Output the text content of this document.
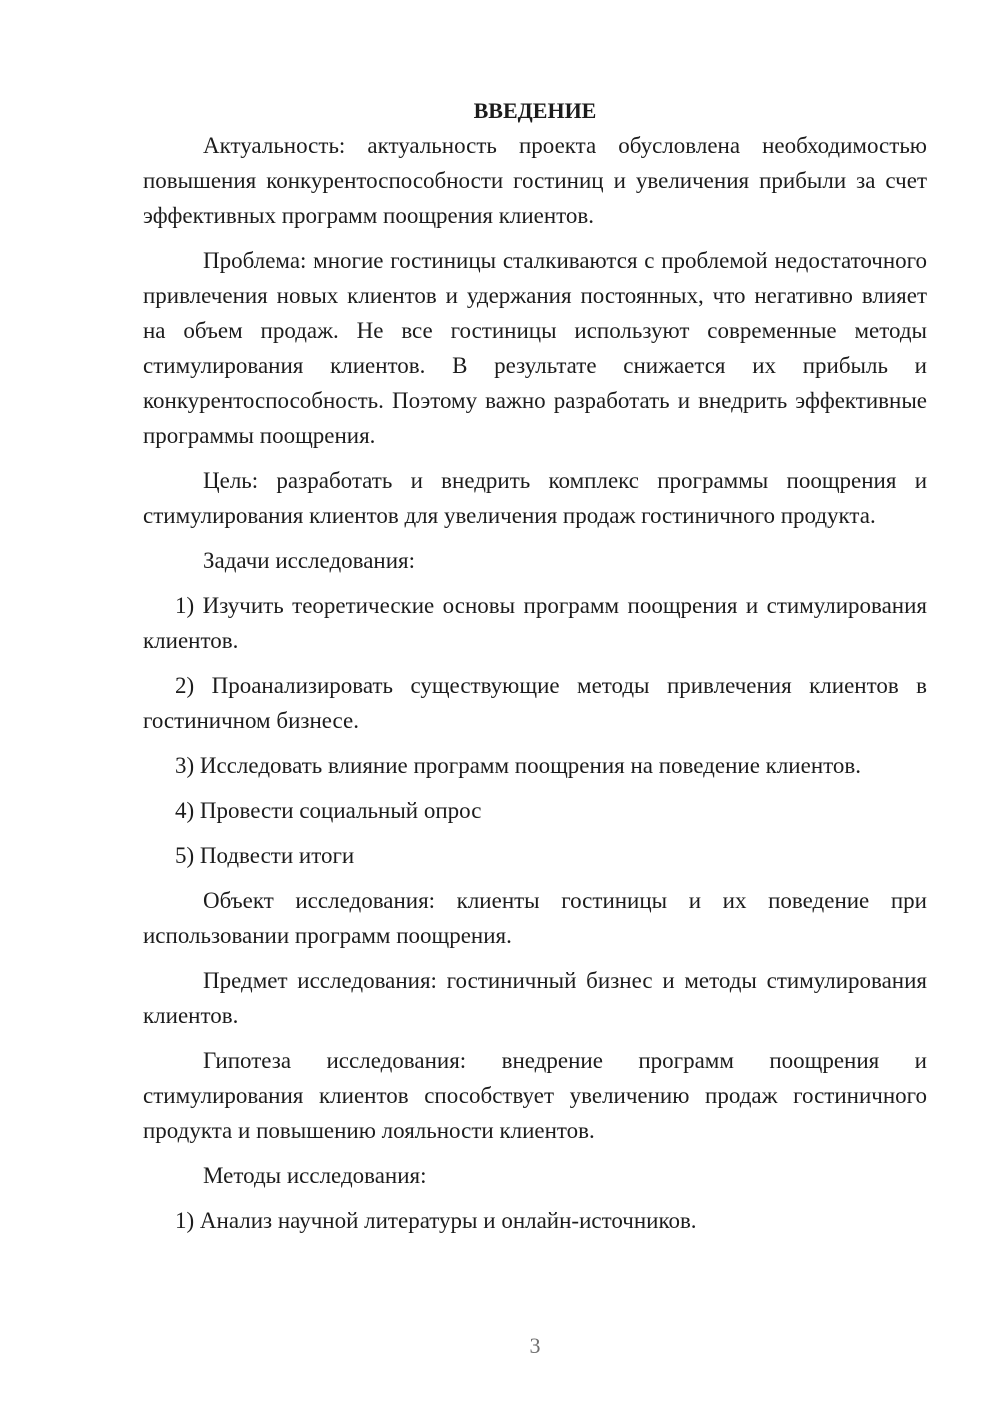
ВВЕДЕНИЕ

Актуальность: актуальность проекта обусловлена необходимостью повышения конкурентоспособности гостиниц и увеличения прибыли за счет эффективных программ поощрения клиентов.

Проблема: многие гостиницы сталкиваются с проблемой недостаточного привлечения новых клиентов и удержания постоянных, что негативно влияет на объем продаж. Не все гостиницы используют современные методы стимулирования клиентов. В результате снижается их прибыль и конкурентоспособность. Поэтому важно разработать и внедрить эффективные программы поощрения.

Цель: разработать и внедрить комплекс программы поощрения и стимулирования клиентов для увеличения продаж гостиничного продукта.

Задачи исследования:

1) Изучить теоретические основы программ поощрения и стимулирования клиентов.

2) Проанализировать существующие методы привлечения клиентов в гостиничном бизнесе.

3) Исследовать влияние программ поощрения на поведение клиентов.

4) Провести социальный опрос

5) Подвести итоги

Объект исследования: клиенты гостиницы и их поведение при использовании программ поощрения.

Предмет исследования: гостиничный бизнес и методы стимулирования клиентов.

Гипотеза исследования: внедрение программ поощрения и стимулирования клиентов способствует увеличению продаж гостиничного продукта и повышению лояльности клиентов.

Методы исследования:

1) Анализ научной литературы и онлайн-источников.

3
